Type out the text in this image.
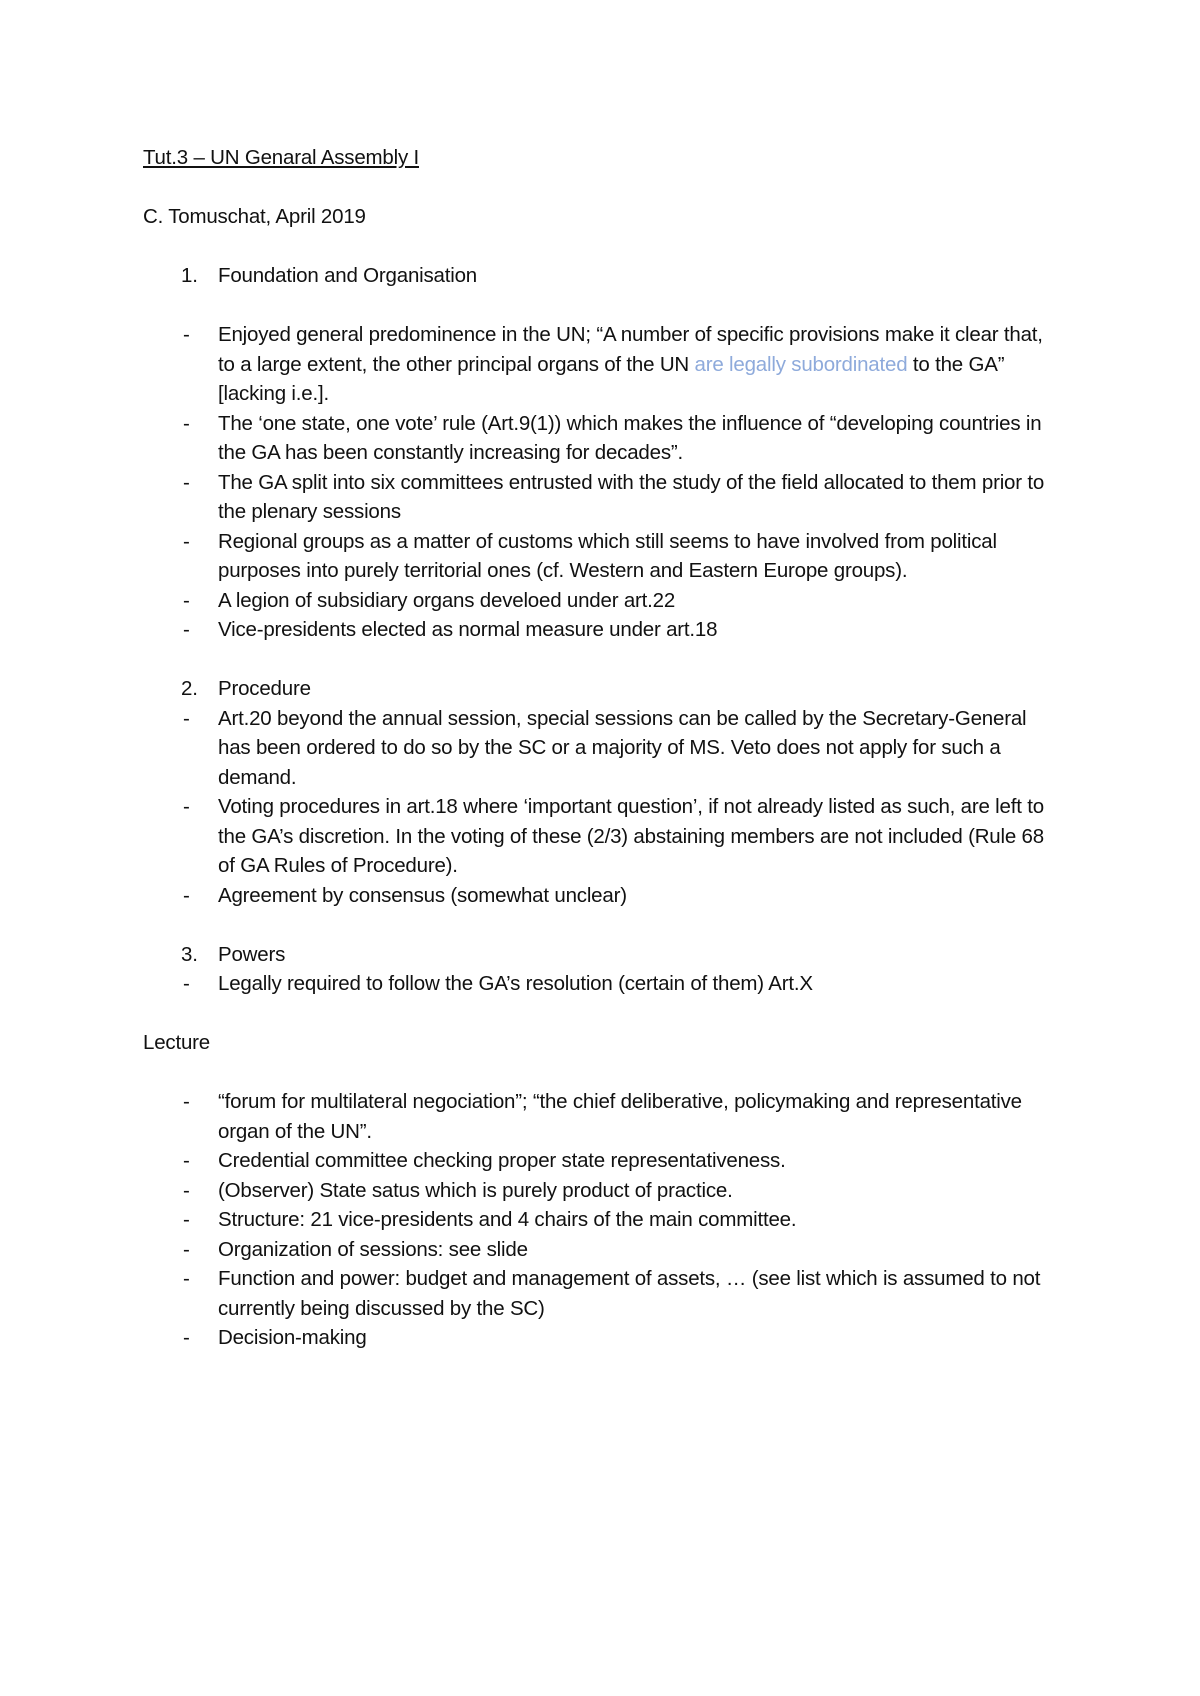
Tut.3 – UN Genaral Assembly I

C. Tomuschat, April 2019

1. Foundation and Organisation

- Enjoyed general predominence in the UN; “A number of specific provisions make it clear that, to a large extent, the other principal organs of the UN are legally subordinated to the GA” [lacking i.e.].
- The ‘one state, one vote’ rule (Art.9(1)) which makes the influence of “developing countries in the GA has been constantly increasing for decades”.
- The GA split into six committees entrusted with the study of the field allocated to them prior to the plenary sessions
- Regional groups as a matter of customs which still seems to have involved from political purposes into purely territorial ones (cf. Western and Eastern Europe groups).
- A legion of subsidiary organs develoed under art.22
- Vice-presidents elected as normal measure under art.18

2. Procedure

- Art.20 beyond the annual session, special sessions can be called by the Secretary-General has been ordered to do so by the SC or a majority of MS. Veto does not apply for such a demand.
- Voting procedures in art.18 where ‘important question’, if not already listed as such, are left to the GA’s discretion. In the voting of these (2/3) abstaining members are not included (Rule 68 of GA Rules of Procedure).
- Agreement by consensus (somewhat unclear)

3. Powers

- Legally required to follow the GA’s resolution (certain of them) Art.X

Lecture

- “forum for multilateral negociation”; “the chief deliberative, policymaking and representative organ of the UN”.
- Credential committee checking proper state representativeness.
- (Observer) State satus which is purely product of practice.
- Structure: 21 vice-presidents and 4 chairs of the main committee.
- Organization of sessions: see slide
- Function and power: budget and management of assets, … (see list which is assumed to not currently being discussed by the SC)
- Decision-making
